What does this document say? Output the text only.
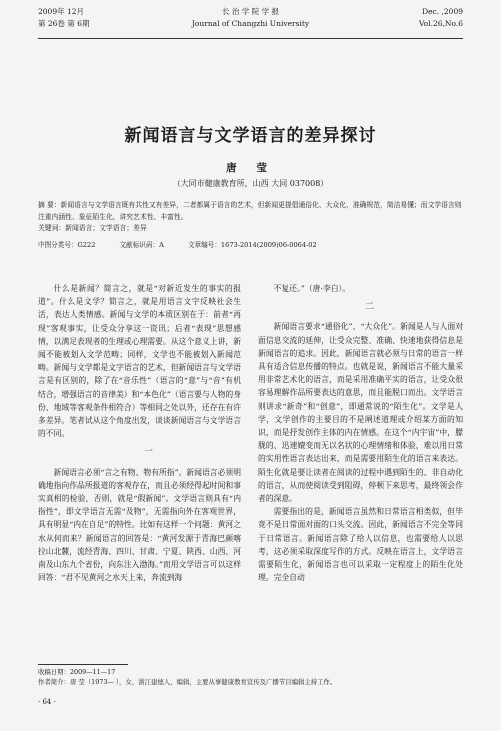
2009年 12月
第 26卷 第 6期
长 治 学 院 学 报
Journal of Changzhi University
Dec. ,2009
Vol.26,No.6
新闻语言与文学语言的差异探讨
唐 莹
（大同市健康教育所，山西 大同 037008）
摘 要：新闻语言与文学语言既有共性又有差异，二者都属于语言的艺术，但新闻更提倡通俗化、大众化，准确规范，简洁易懂；而文学语言则注重内涵性、象征陌生化，讲究艺术性、丰富性。
关键词：新闻语言；文学语言；差异
中图分类号：G222	文献标识码：A	文章编号：1673-2014(2009)06-0064-02

什么是新闻？简言之，就是“对新近发生的事实的报道”。什么是文学？简言之，就是用语言文字反映社会生活，表达人类情感。新闻与文学的本质区别在于：前者“再现”客观事实，让受众分享这一资讯；后者“表现”思想感情，以满足表现者的生理或心理需要。从这个意义上讲，新闻不能被划入文学范畴；同样，文学也不能被划入新闻范畴。新闻与文学都是文字语言的艺术，但新闻语言与文学语言是有区别的，除了在“音乐性”（语言的“意”与“音”有机结合，增强语言的音律美）和“本色化”（语言要与人物的身份、地域等客观条件相符合）等相同之处以外，还存在有许多差异。笔者试从这个角度出发，谈谈新闻语言与文学语言的不同。

一

新闻语言必须“言之有物、物有所指”。新闻语言必须明确地指向作品所报道的客观存在，而且必须经得起时间和事实真相的检验，否则，就是“假新闻”。文学语言则具有“内指性”，即文学语言无需“及物”，无需指向外在客观世界，具有明显“内在自足”的特性。比如有这样一个问题：黄河之水从何而来？新闻语言的回答是：“黄河发源于青海巴颜喀拉山北麓，流经青海、四川、甘肃、宁夏、陕西、山西、河南及山东九个省份，向东注入渤海。”而用文学语言可以这样回答：“君不见黄河之水天上来，奔流到海

不复还。”（唐·李白）。

二

新闻语言要求“通俗化”、“大众化”。新闻是人与人面对面信息交流的延伸，让受众完整、准确、快速地获得信息是新闻语言的追求。因此，新闻语言就必须与日常的语言一样具有适合信息传播的特点。也就是说，新闻语言不能大量采用非常艺术化的语言，而是采用准确平实的语言，让受众很容易理解作品所要表达的意思，而且能脱口而出。文学语言则讲求“新奇”和“创意”，即通常说的“陌生化”。文学是人学，文学创作的主要目的不是阐述道理或介绍某方面的知识，而是抒发创作主体的内在情感。在这个“内宇宙”中，朦胧的、迅速嬗变而无以名状的心理情绪和体验，难以用日常的实用性语言表达出来，而是需要用陌生化的语言来表达。陌生化就是要让读者在阅读的过程中遇到陌生的、非自动化的语言，从而使阅读受到阻碍，停顿下来思考，最终领会作者的深意。

需要指出的是，新闻语言虽然和日常语言相类似，但毕竟不是日常面对面的口头交流。因此，新闻语言不完全等同于日常语言。新闻语言除了给人以信息，也需要给人以思考，这必须采取深度写作的方式。反映在语言上，文学语言需要陌生化，新闻语言也可以采取一定程度上的陌生化处理。完全自动

收稿日期：2009—11—17
作者简介：唐 莹（1973— ），女，浙江建德人，编辑，主要从事健康教育宣传及广播节目编辑主持工作。
· 64 ·
